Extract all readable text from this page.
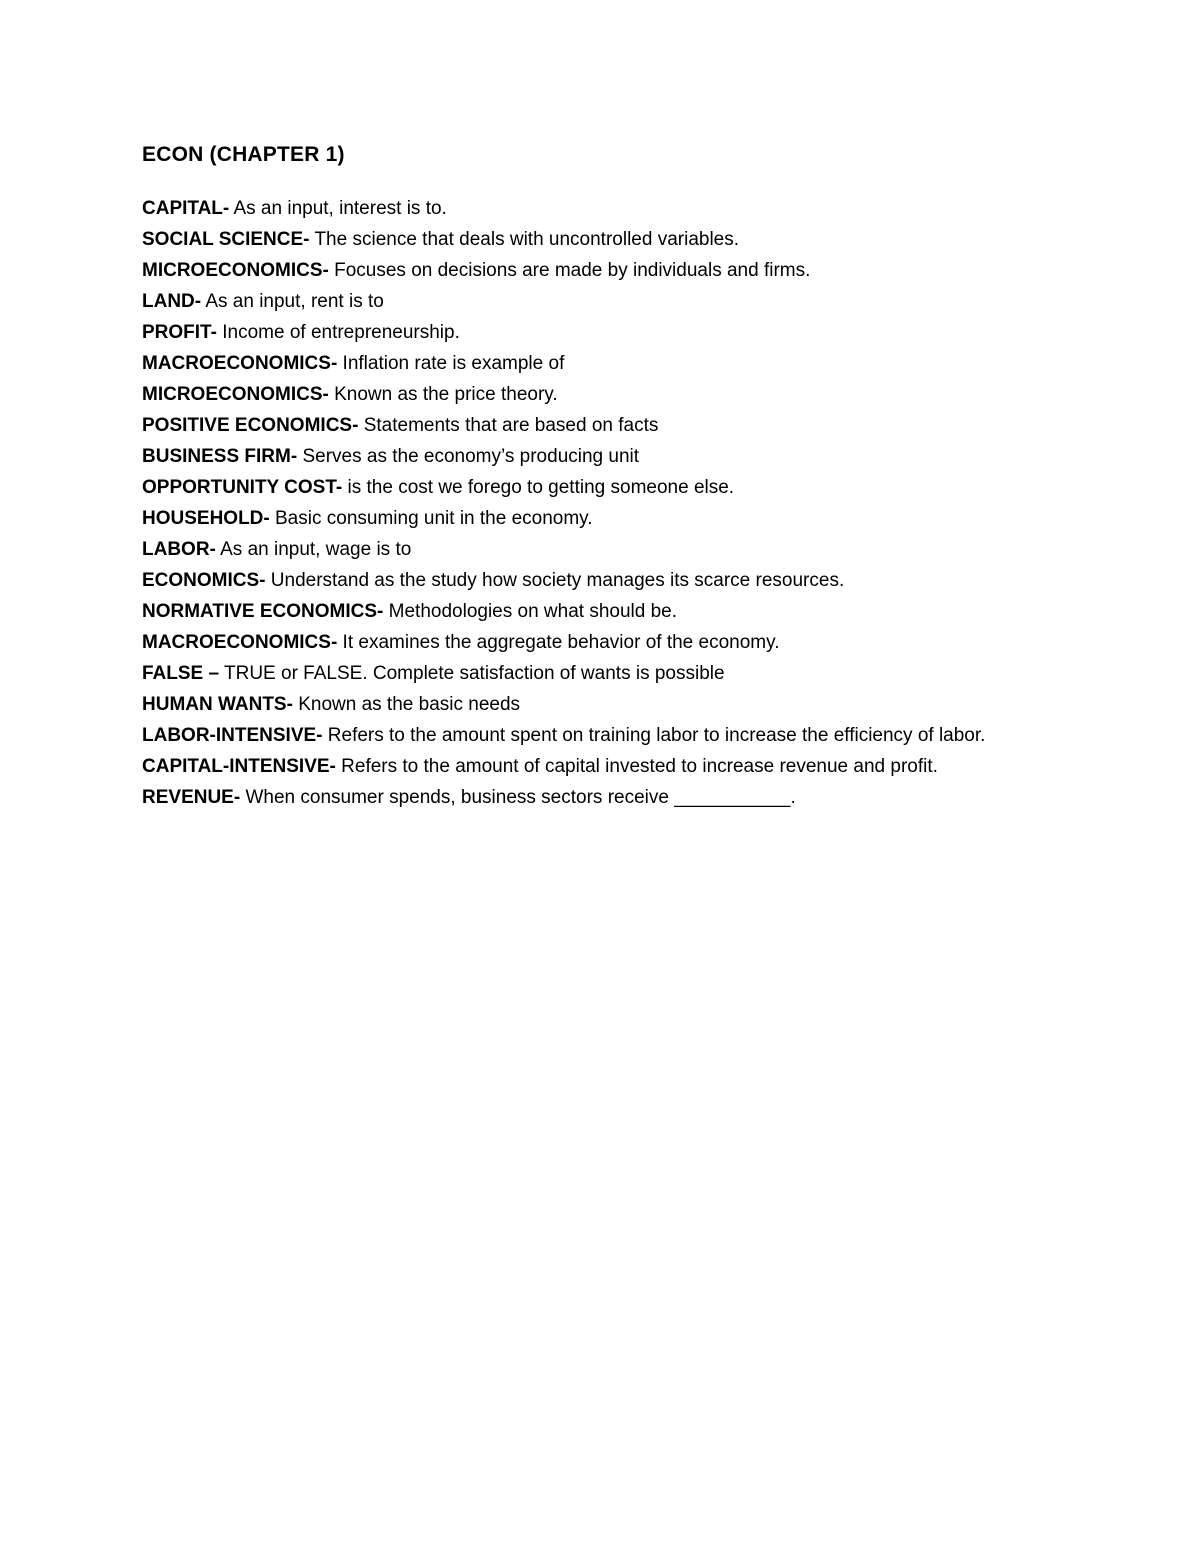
ECON (CHAPTER 1)
CAPITAL- As an input, interest is to.
SOCIAL SCIENCE- The science that deals with uncontrolled variables.
MICROECONOMICS- Focuses on decisions are made by individuals and firms.
LAND- As an input, rent is to
PROFIT- Income of entrepreneurship.
MACROECONOMICS- Inflation rate is example of
MICROECONOMICS- Known as the price theory.
POSITIVE ECONOMICS- Statements that are based on facts
BUSINESS FIRM- Serves as the economy’s producing unit
OPPORTUNITY COST- is the cost we forego to getting someone else.
HOUSEHOLD- Basic consuming unit in the economy.
LABOR- As an input, wage is to
ECONOMICS- Understand as the study how society manages its scarce resources.
NORMATIVE ECONOMICS- Methodologies on what should be.
MACROECONOMICS- It examines the aggregate behavior of the economy.
FALSE – TRUE or FALSE. Complete satisfaction of wants is possible
HUMAN WANTS- Known as the basic needs
LABOR-INTENSIVE- Refers to the amount spent on training labor to increase the efficiency of labor.
CAPITAL-INTENSIVE- Refers to the amount of capital invested to increase revenue and profit.
REVENUE- When consumer spends, business sectors receive ___________.
